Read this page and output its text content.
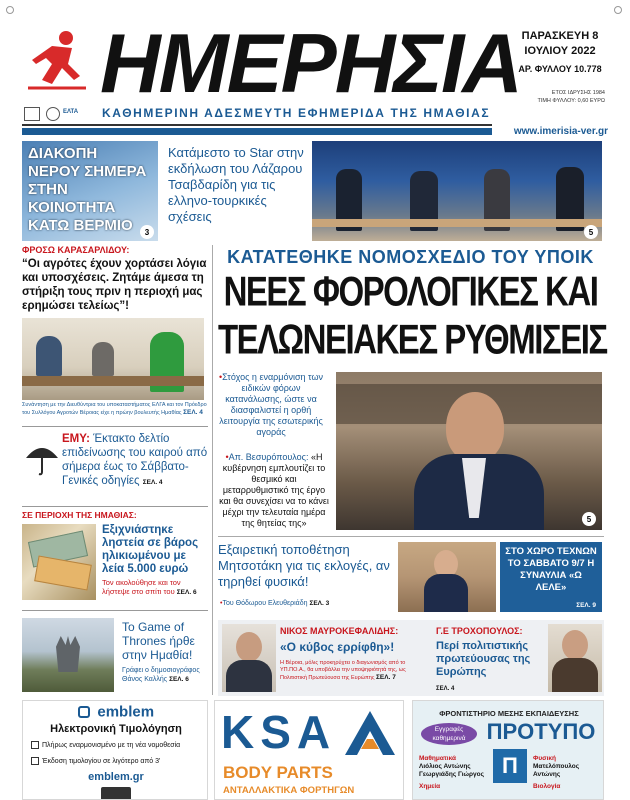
ΗΜΕΡΗΣΙΑ ΠΑΡΑΣΚΕΥΗ 8
ΙΟΥΛΙΟΥ 2022
ΑΡ. ΦΥΛΛΟΥ 10.778
ΕΤΟΣ ΙΔΡΥΣΗΣ 1984
ΤΙΜΗ ΦΥΛΛΟΥ: 0,60 ΕΥΡΩ
ΕΛΤΑ ΚΑΘΗΜΕΡΙΝΗ ΑΔΕΣΜΕΥΤΗ ΕΦΗΜΕΡΙΔΑ ΤΗΣ ΗΜΑΘΙΑΣ
www.imerisia-ver.gr
ΔΙΑΚΟΠΗ ΝΕΡΟΥ ΣΗΜΕΡΑ ΣΤΗΝ ΚΟΙΝΟΤΗΤΑ ΚΑΤΩ ΒΕΡΜΙΟ	3
Κατάμεστο το Star στην εκδήλωση του Λάζαρου Τσαβδαρίδη για τις ελληνο-τουρκικές σχέσεις
5
ΦΡΟΣΩ ΚΑΡΑΣΑΡΛΙΔΟΥ:
“Οι αγρότες έχουν χορτάσει λόγια και υποσχέσεις. Ζητάμε άμεσα τη στήριξη τους πριν η περιοχή μας ερημώσει τελείως”!
Συνάντηση με την Διευθύντρια του υποκαταστήματος ΕΛΓΑ και τον Πρόεδρο του Συλλόγου Αγροτών Βέροιας είχε η πρώην βουλευτής Ημαθίας ΣΕΛ. 4
ΕΜΥ: Έκτακτο δελτίο επιδείνωσης του καιρού από σήμερα έως το Σάββατο-Γενικές οδηγίες ΣΕΛ. 4
ΣΕ ΠΕΡΙΟΧΗ ΤΗΣ ΗΜΑΘΙΑΣ:
Εξιχνιάστηκε ληστεία σε βάρος ηλικιωμένου με λεία 5.000 ευρώ
Τον ακολούθησε και τον λήστεψε στο σπίτι του ΣΕΛ. 6
To Game of Thrones ήρθε στην Ημαθία!
Γράφει ο δημοσιογράφος Θάνος Καλλής ΣΕΛ. 6
ΚΑΤΑΤΕΘΗΚΕ ΝΟΜΟΣΧΕΔΙΟ ΤΟΥ ΥΠΟΙΚ
ΝΕΕΣ ΦΟΡΟΛΟΓΙΚΕΣ ΚΑΙ
ΤΕΛΩΝΕΙΑΚΕΣ ΡΥΘΜΙΣΕΙΣ
•Στόχος η εναρμόνιση των ειδικών φόρων κατανάλωσης, ώστε να διασφαλιστεί η ορθή λειτουργία της εσωτερικής αγοράς
•Απ. Βεσυρόπουλος: «Η κυβέρνηση εμπλουτίζει το θεσμικό και μεταρρυθμιστικό της έργο και θα συνεχίσει να το κάνει μέχρι την τελευταία ημέρα της θητείας της»	5
Εξαιρετική τοποθέτηση Μητσοτάκη για τις εκλογές, αν τηρηθεί φυσικά!
•Του Θόδωρου Ελευθεριάδη ΣΕΛ. 3
ΣΤΟ ΧΩΡΟ ΤΕΧΝΩΝ ΤΟ ΣΑΒΒΑΤΟ 9/7 Η ΣΥΝΑΥΛΙΑ «Ω ΛΕΛΕ»
ΣΕΛ. 9
ΝΙΚΟΣ ΜΑΥΡΟΚΕΦΑΛΙΔΗΣ:
«Ο κύβος ερρίφθη»!
Η Βέροια, μόλις προκηρύχτει ο διαγωνισμός από το ΥΠ.ΠΟ.Α., θα υποβάλλει την υποψηφιότητά της, ως Πολιτιστική Πρωτεύουσα της Ευρώπης ΣΕΛ. 7
Γ.Ε ΤΡΟΧΟΠΟΥΛΟΣ:
Περί πολιτιστικής πρωτεύουσας της Ευρώπης
ΣΕΛ. 4
emblem
Ηλεκτρονική Τιμολόγηση
Πλήρως εναρμονισμένο με τη νέα νομοθεσία
Έκδοση τιμολογίου σε λιγότερο από 3'
emblem.gr
KSA
BODY PARTS
ΑΝΤΑΛΛΑΚΤΙΚΑ ΦΟΡΤΗΓΩΝ
ΦΡΟΝΤΙΣΤΗΡΙΟ ΜΕΣΗΣ ΕΚΠΑΙΔΕΥΣΗΣ
Εγγραφές καθημερινά ΠΡΟΤΥΠΟ
Π
Μαθηματικά
Λιόλιος Αντώνης Γεωργιάδης Γιώργος
Χημεία
Φυσική
Ματελόπουλος Αντώνης
Βιολογία
